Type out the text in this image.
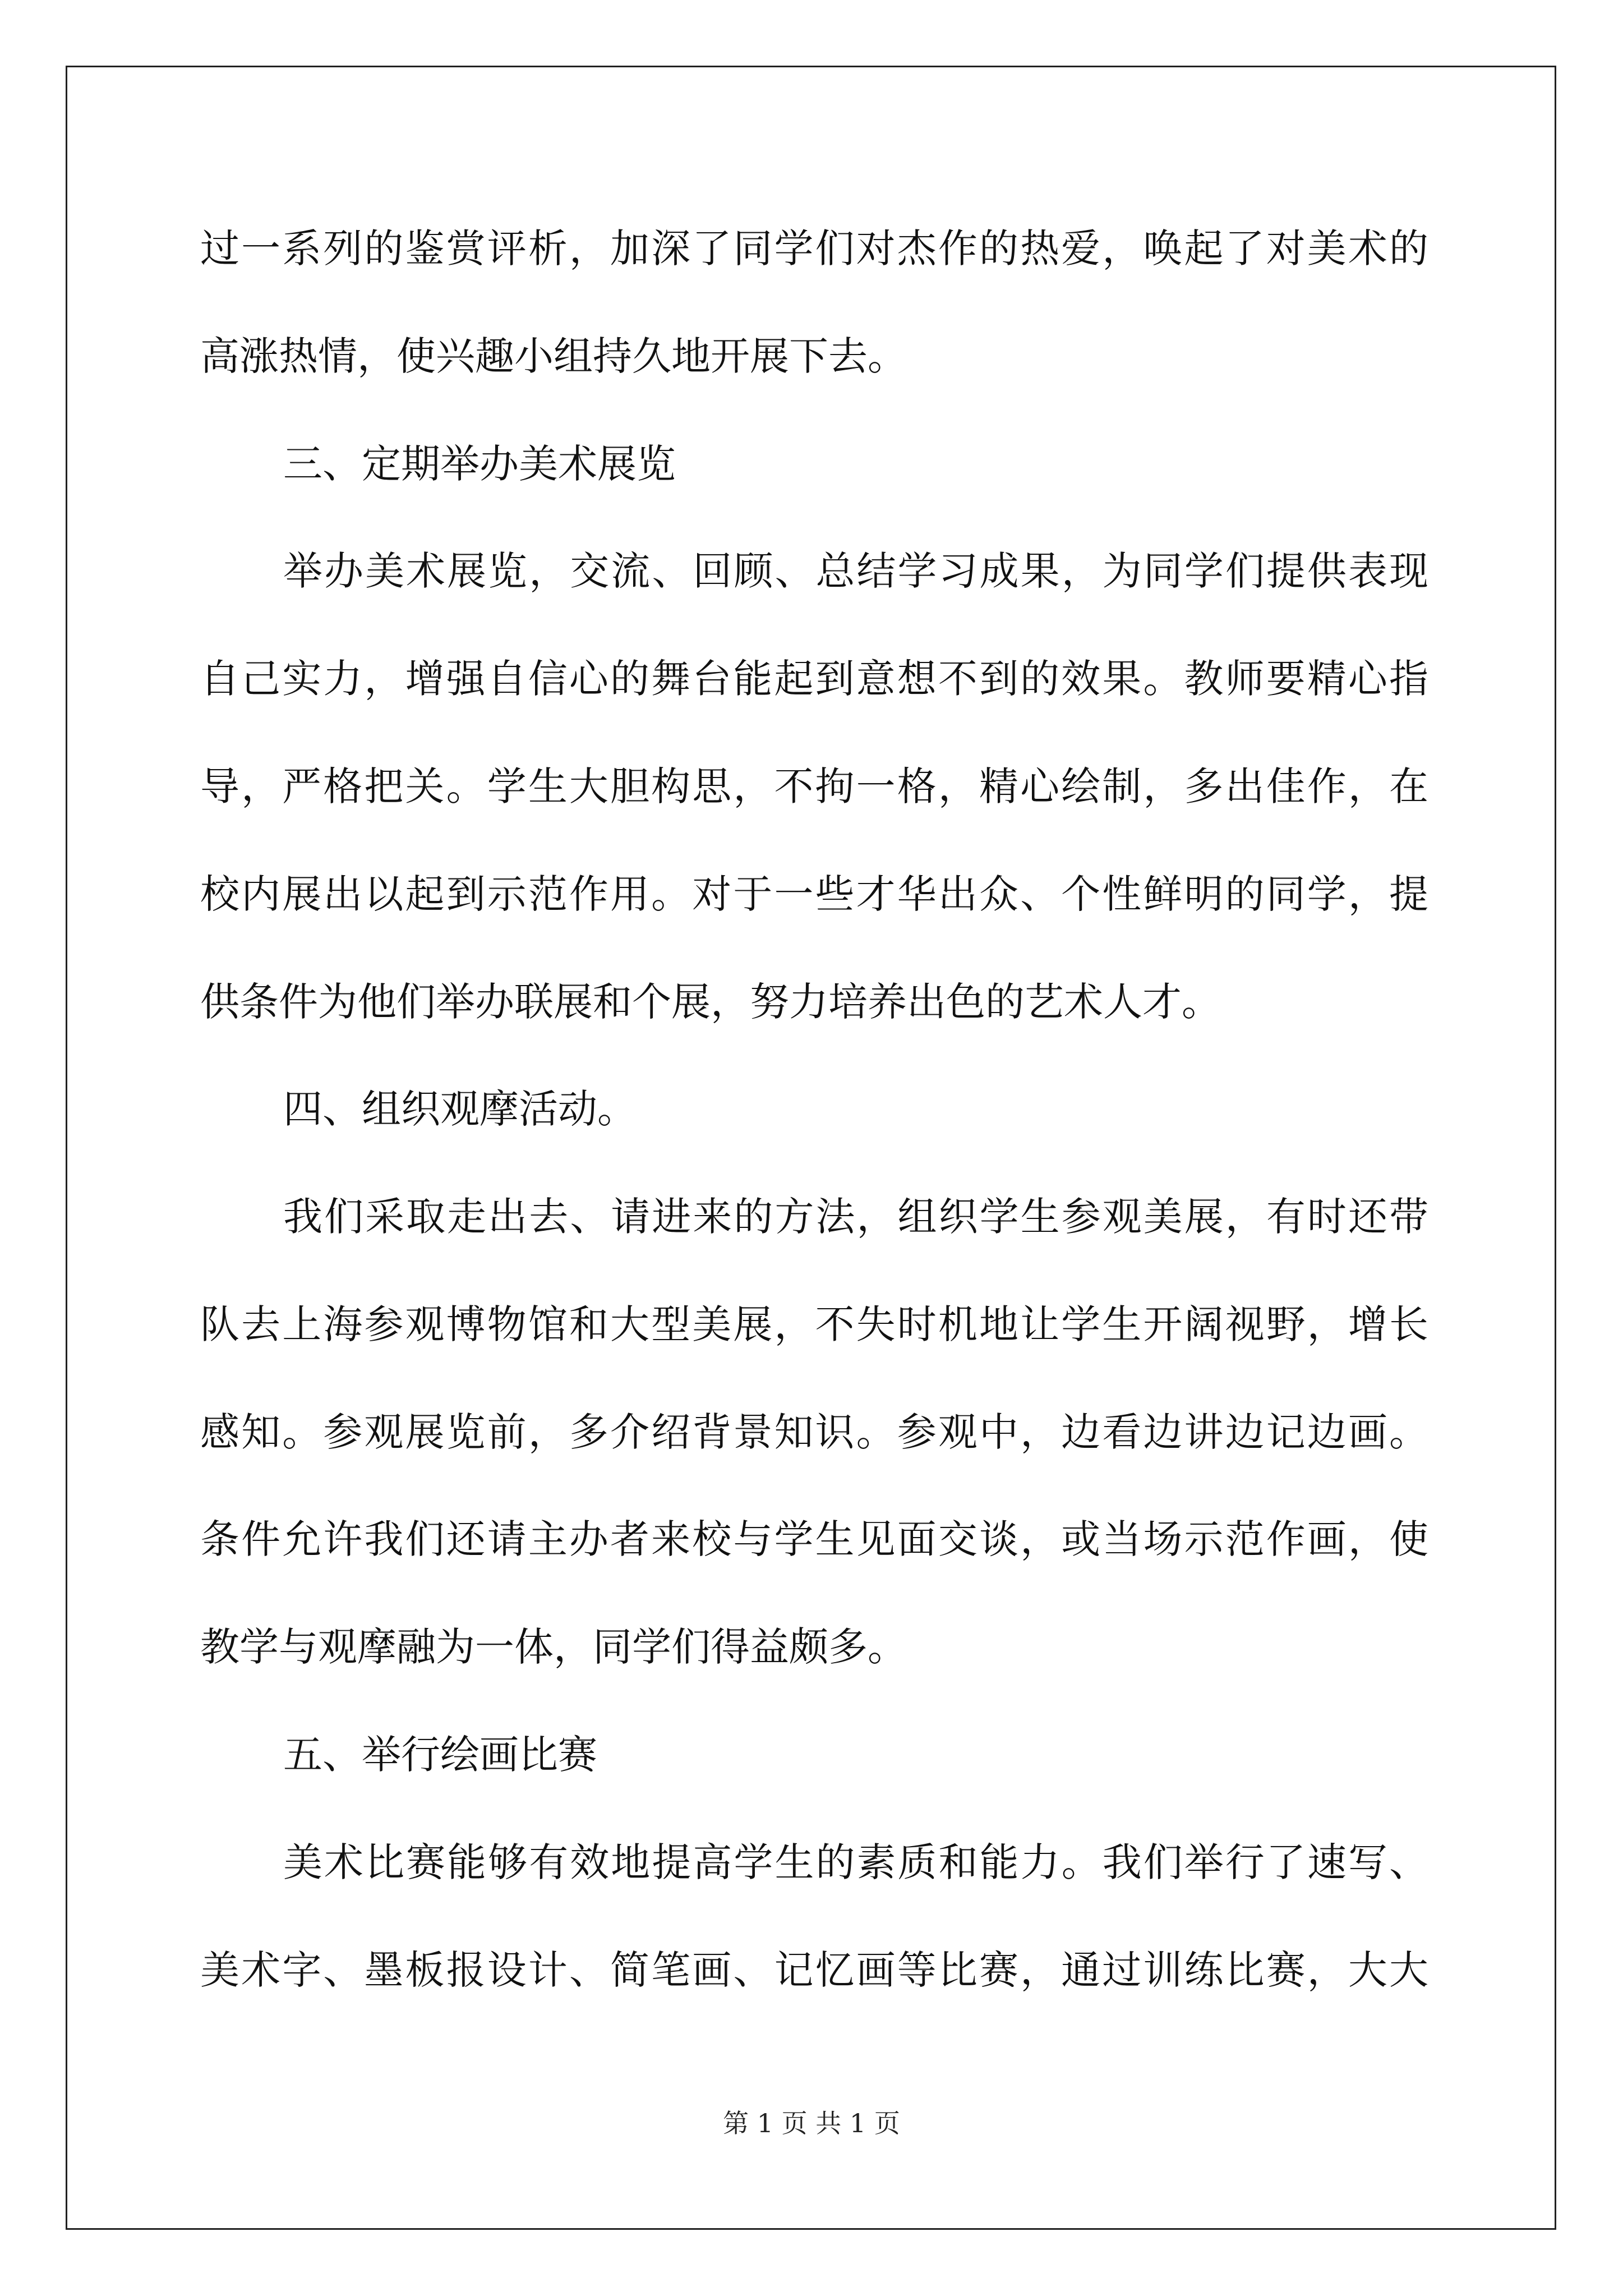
过一系列的鉴赏评析，加深了同学们对杰作的热爱，唤起了对美术的
高涨热情，使兴趣小组持久地开展下去。
三、定期举办美术展览
举办美术展览，交流、回顾、总结学习成果，为同学们提供表现
自己实力，增强自信心的舞台能起到意想不到的效果。教师要精心指
导，严格把关。学生大胆构思，不拘一格，精心绘制，多出佳作，在
校内展出以起到示范作用。对于一些才华出众、个性鲜明的同学，提
供条件为他们举办联展和个展，努力培养出色的艺术人才。
四、组织观摩活动。
我们采取走出去、请进来的方法，组织学生参观美展，有时还带
队去上海参观博物馆和大型美展，不失时机地让学生开阔视野，增长
感知。参观展览前，多介绍背景知识。参观中，边看边讲边记边画。
条件允许我们还请主办者来校与学生见面交谈，或当场示范作画，使
教学与观摩融为一体，同学们得益颇多。
五、举行绘画比赛
美术比赛能够有效地提高学生的素质和能力。我们举行了速写、
美术字、墨板报设计、简笔画、记忆画等比赛，通过训练比赛，大大
第 1 页 共 1 页
